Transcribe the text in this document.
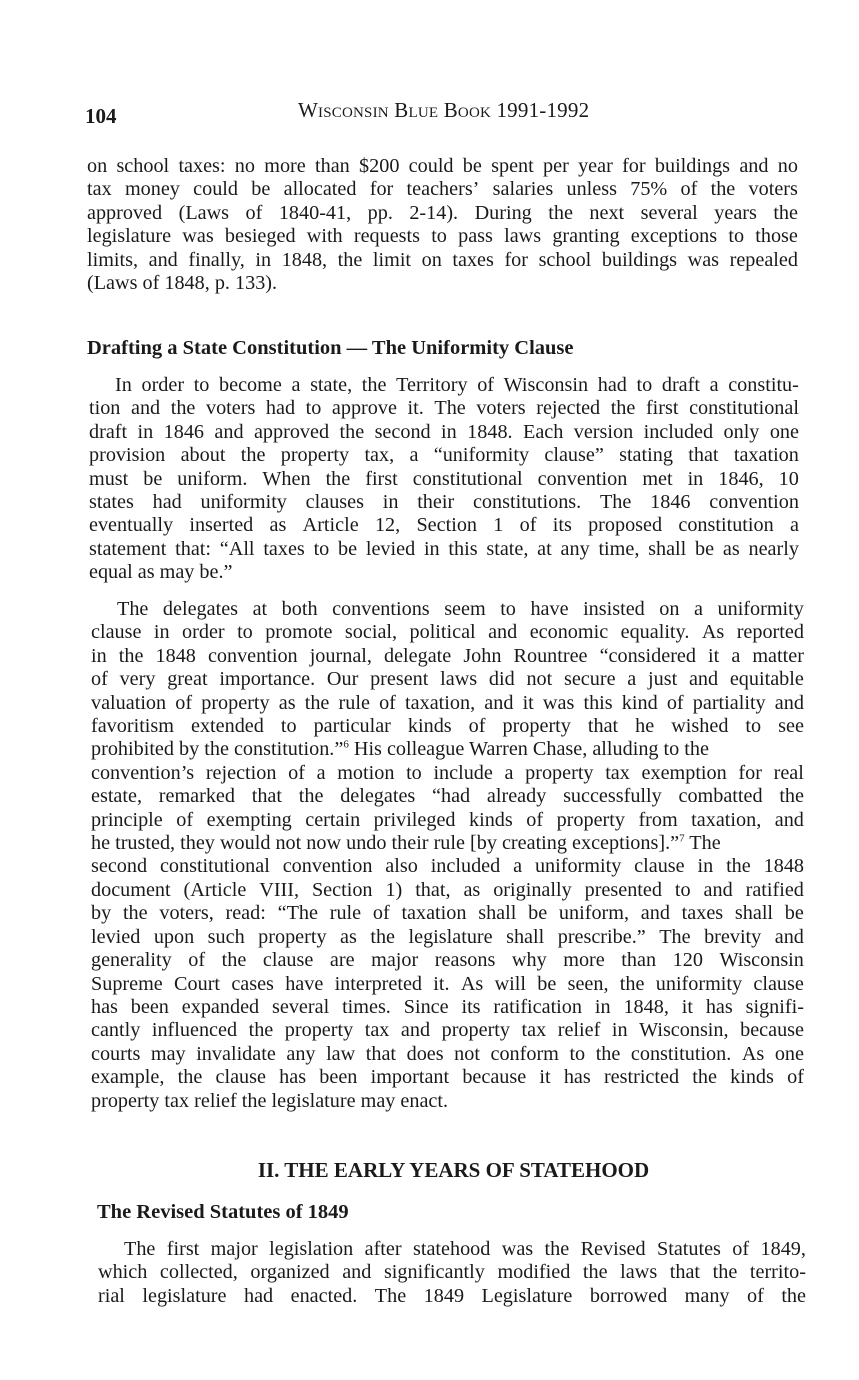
104	WISCONSIN BLUE BOOK 1991-1992

on school taxes: no more than $200 could be spent per year for buildings and no
tax money could be allocated for teachers’ salaries unless 75% of the voters
approved (Laws of 1840-41, pp. 2-14). During the next several years the
legislature was besieged with requests to pass laws granting exceptions to those
limits, and finally, in 1848, the limit on taxes for school buildings was repealed
(Laws of 1848, p. 133).
Drafting a State Constitution — The Uniformity Clause
In order to become a state, the Territory of Wisconsin had to draft a constitu-
tion and the voters had to approve it. The voters rejected the first constitutional
draft in 1846 and approved the second in 1848. Each version included only one
provision about the property tax, a “uniformity clause” stating that taxation
must be uniform. When the first constitutional convention met in 1846, 10
states had uniformity clauses in their constitutions. The 1846 convention
eventually inserted as Article 12, Section 1 of its proposed constitution a
statement that: “All taxes to be levied in this state, at any time, shall be as nearly
equal as may be.”
The delegates at both conventions seem to have insisted on a uniformity
clause in order to promote social, political and economic equality. As reported
in the 1848 convention journal, delegate John Rountree “considered it a matter
of very great importance. Our present laws did not secure a just and equitable
valuation of property as the rule of taxation, and it was this kind of partiality and
favoritism extended to particular kinds of property that he wished to see
prohibited by the constitution.”$^6$ His colleague Warren Chase, alluding to the
convention’s rejection of a motion to include a property tax exemption for real
estate, remarked that the delegates “had already successfully combatted the
principle of exempting certain privileged kinds of property from taxation, and
he trusted, they would not now undo their rule [by creating exceptions].”$^7$ The
second constitutional convention also included a uniformity clause in the 1848
document (Article VIII, Section 1) that, as originally presented to and ratified
by the voters, read: “The rule of taxation shall be uniform, and taxes shall be
levied upon such property as the legislature shall prescribe.” The brevity and
generality of the clause are major reasons why more than 120 Wisconsin
Supreme Court cases have interpreted it. As will be seen, the uniformity clause
has been expanded several times. Since its ratification in 1848, it has signifi-
cantly influenced the property tax and property tax relief in Wisconsin, because
courts may invalidate any law that does not conform to the constitution. As one
example, the clause has been important because it has restricted the kinds of
property tax relief the legislature may enact.
II. THE EARLY YEARS OF STATEHOOD
The Revised Statutes of 1849
The first major legislation after statehood was the Revised Statutes of 1849,
which collected, organized and significantly modified the laws that the territo-
rial legislature had enacted. The 1849 Legislature borrowed many of the
